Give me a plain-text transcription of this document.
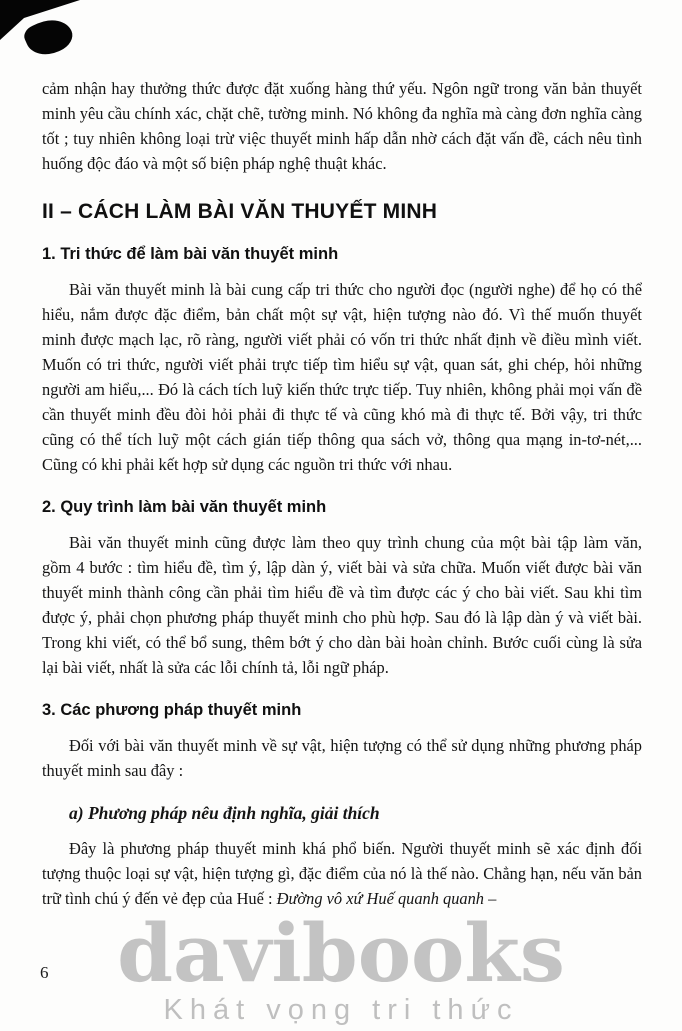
cảm nhận hay thưởng thức được đặt xuống hàng thứ yếu. Ngôn ngữ trong văn bản thuyết minh yêu cầu chính xác, chặt chẽ, tường minh. Nó không đa nghĩa mà càng đơn nghĩa càng tốt ; tuy nhiên không loại trừ việc thuyết minh hấp dẫn nhờ cách đặt vấn đề, cách nêu tình huống độc đáo và một số biện pháp nghệ thuật khác.

II – CÁCH LÀM BÀI VĂN THUYẾT MINH
1. Tri thức để làm bài văn thuyết minh

Bài văn thuyết minh là bài cung cấp tri thức cho người đọc (người nghe) để họ có thể hiểu, nắm được đặc điểm, bản chất một sự vật, hiện tượng nào đó. Vì thế muốn thuyết minh được mạch lạc, rõ ràng, người viết phải có vốn tri thức nhất định về điều mình viết. Muốn có tri thức, người viết phải trực tiếp tìm hiểu sự vật, quan sát, ghi chép, hỏi những người am hiểu,... Đó là cách tích luỹ kiến thức trực tiếp. Tuy nhiên, không phải mọi vấn đề cần thuyết minh đều đòi hỏi phải đi thực tế và cũng khó mà đi thực tế. Bởi vậy, tri thức cũng có thể tích luỹ một cách gián tiếp thông qua sách vở, thông qua mạng in-tơ-nét,... Cũng có khi phải kết hợp sử dụng các nguồn tri thức với nhau.

2. Quy trình làm bài văn thuyết minh

Bài văn thuyết minh cũng được làm theo quy trình chung của một bài tập làm văn, gồm 4 bước : tìm hiểu đề, tìm ý, lập dàn ý, viết bài và sửa chữa. Muốn viết được bài văn thuyết minh thành công cần phải tìm hiểu đề và tìm được các ý cho bài viết. Sau khi tìm được ý, phải chọn phương pháp thuyết minh cho phù hợp. Sau đó là lập dàn ý và viết bài. Trong khi viết, có thể bổ sung, thêm bớt ý cho dàn bài hoàn chỉnh. Bước cuối cùng là sửa lại bài viết, nhất là sửa các lỗi chính tả, lỗi ngữ pháp.

3. Các phương pháp thuyết minh

Đối với bài văn thuyết minh về sự vật, hiện tượng có thể sử dụng những phương pháp thuyết minh sau đây :

a) Phương pháp nêu định nghĩa, giải thích

Đây là phương pháp thuyết minh khá phổ biến. Người thuyết minh sẽ xác định đối tượng thuộc loại sự vật, hiện tượng gì, đặc điểm của nó là thế nào. Chẳng hạn, nếu văn bản trữ tình chú ý đến vẻ đẹp của Huế : Đường vô xứ Huế quanh quanh –

davibooks
Khát vọng tri thức
6
